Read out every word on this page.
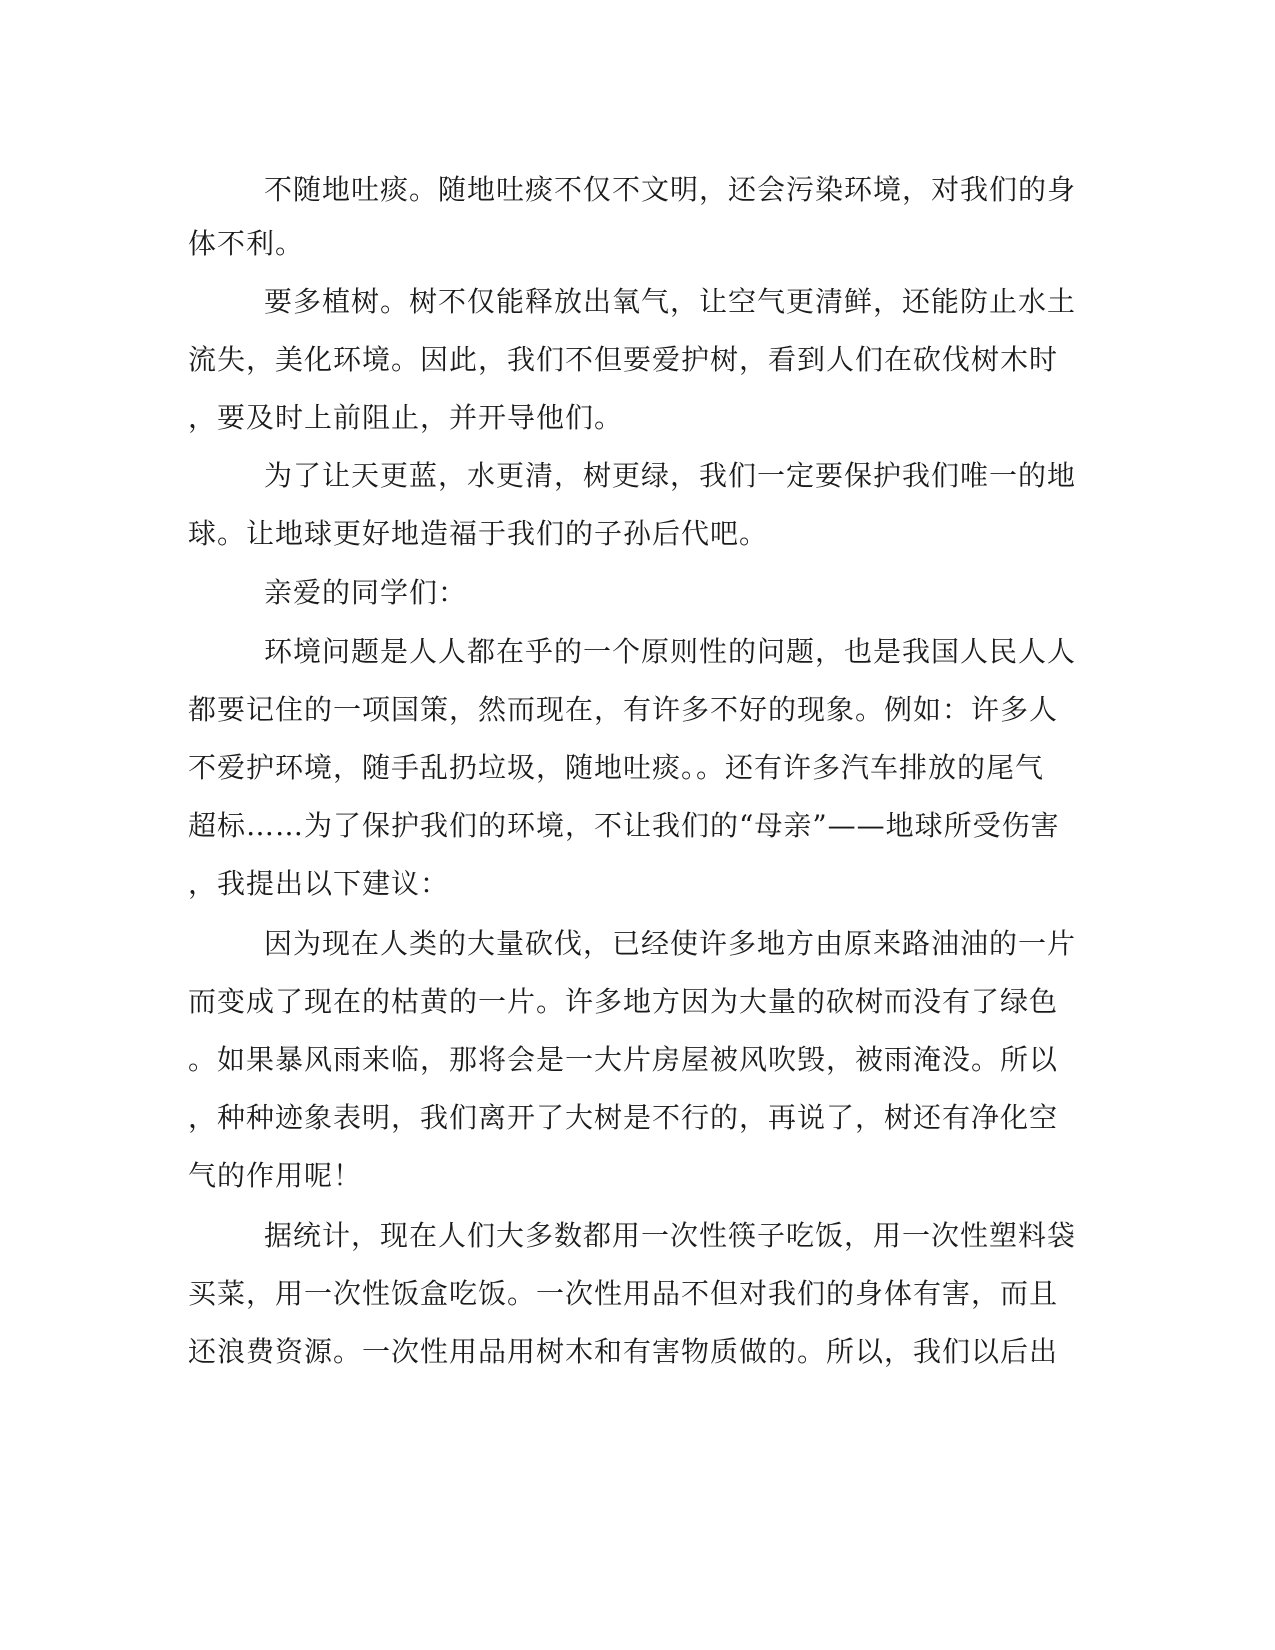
不随地吐痰。随地吐痰不仅不文明，还会污染环境，对我们的身
体不利。
要多植树。树不仅能释放出氧气，让空气更清鲜，还能防止水土
流失，美化环境。因此，我们不但要爱护树，看到人们在砍伐树木时
，要及时上前阻止，并开导他们。
为了让天更蓝，水更清，树更绿，我们一定要保护我们唯一的地
球。让地球更好地造福于我们的子孙后代吧。
亲爱的同学们：
环境问题是人人都在乎的一个原则性的问题，也是我国人民人人
都要记住的一项国策，然而现在，有许多不好的现象。例如：许多人
不爱护环境，随手乱扔垃圾，随地吐痰。。还有许多汽车排放的尾气
超标……为了保护我们的环境，不让我们的“母亲”——地球所受伤害
，我提出以下建议：
因为现在人类的大量砍伐，已经使许多地方由原来路油油的一片
而变成了现在的枯黄的一片。许多地方因为大量的砍树而没有了绿色
。如果暴风雨来临，那将会是一大片房屋被风吹毁，被雨淹没。所以
，种种迹象表明，我们离开了大树是不行的，再说了，树还有净化空
气的作用呢！
据统计，现在人们大多数都用一次性筷子吃饭，用一次性塑料袋
买菜，用一次性饭盒吃饭。一次性用品不但对我们的身体有害，而且
还浪费资源。一次性用品用树木和有害物质做的。所以，我们以后出
